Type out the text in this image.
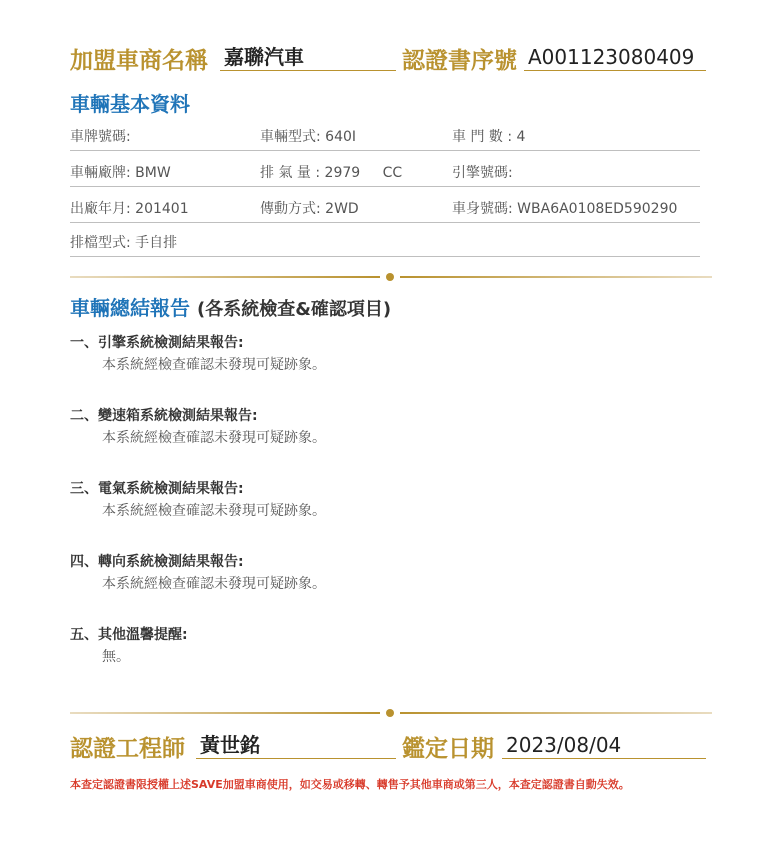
加盟車商名稱 嘉聯汽車	認證書序號 A001123080409
車輛基本資料
車牌號碼:	車輛型式: 640I	車 門 數 : 4
車輛廠牌: BMW	排 氣 量 : 2979 CC	引擎號碼:
出廠年月: 201401	傳動方式: 2WD	車身號碼: WBA6A0108ED590290
排檔型式: 手自排
車輛總結報告 (各系統檢查&確認項目)
一、引擎系統檢測結果報告:
本系統經檢查確認未發現可疑跡象。
二、變速箱系統檢測結果報告:
本系統經檢查確認未發現可疑跡象。
三、電氣系統檢測結果報告:
本系統經檢查確認未發現可疑跡象。
四、轉向系統檢測結果報告:
本系統經檢查確認未發現可疑跡象。
五、其他溫馨提醒:
無。
認證工程師 黃世銘	鑑定日期 2023/08/04
本查定認證書限授權上述SAVE加盟車商使用，如交易或移轉、轉售予其他車商或第三人，本查定認證書自動失效。
